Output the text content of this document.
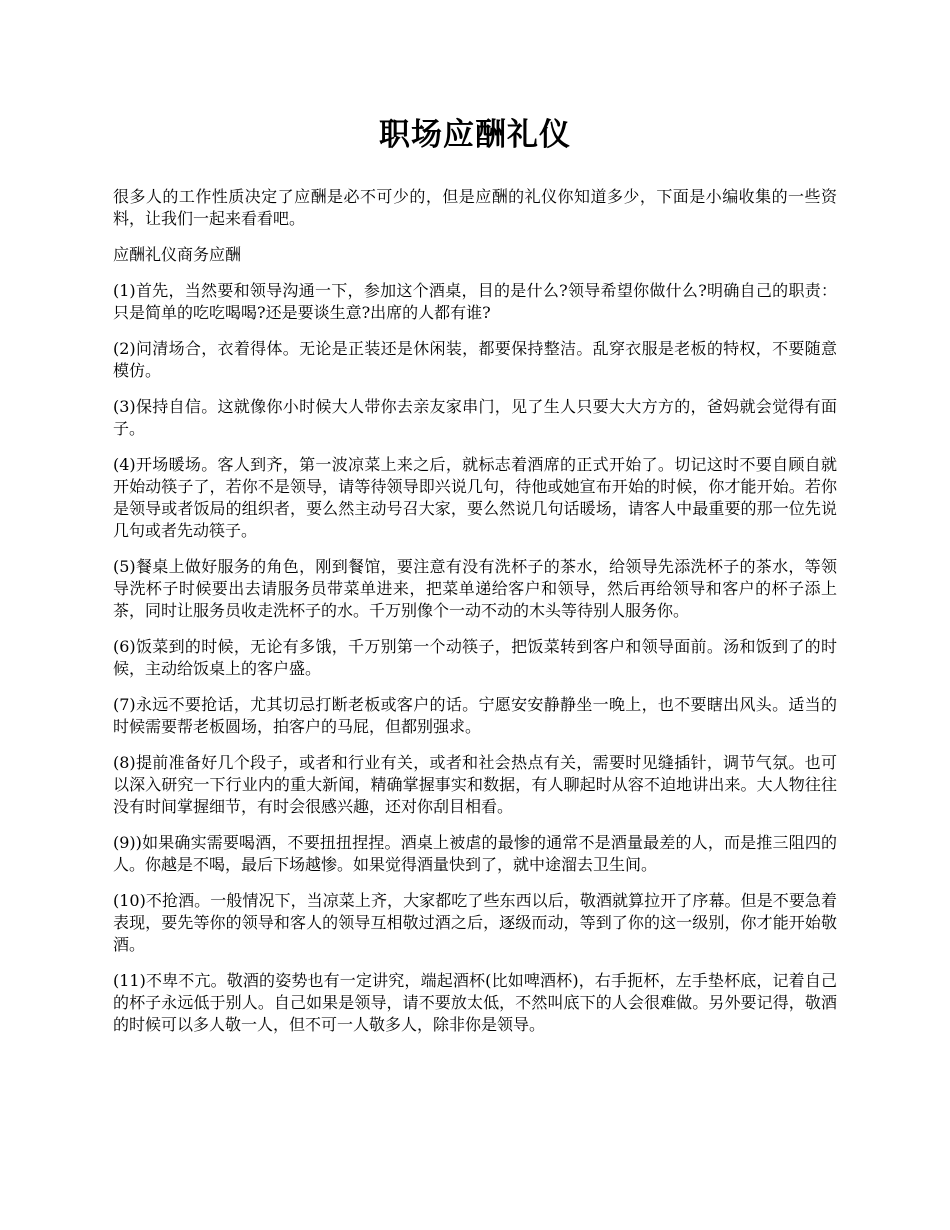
职场应酬礼仪

很多人的工作性质决定了应酬是必不可少的，但是应酬的礼仪你知道多少，下面是小编收集的一些资料，让我们一起来看看吧。

应酬礼仪商务应酬

(1)首先，当然要和领导沟通一下，参加这个酒桌，目的是什么?领导希望你做什么?明确自己的职责：只是简单的吃吃喝喝?还是要谈生意?出席的人都有谁?

(2)问清场合，衣着得体。无论是正装还是休闲装，都要保持整洁。乱穿衣服是老板的特权，不要随意模仿。

(3)保持自信。这就像你小时候大人带你去亲友家串门，见了生人只要大大方方的，爸妈就会觉得有面子。

(4)开场暖场。客人到齐，第一波凉菜上来之后，就标志着酒席的正式开始了。切记这时不要自顾自就开始动筷子了，若你不是领导，请等待领导即兴说几句，待他或她宣布开始的时候，你才能开始。若你是领导或者饭局的组织者，要么然主动号召大家，要么然说几句话暖场，请客人中最重要的那一位先说几句或者先动筷子。

(5)餐桌上做好服务的角色，刚到餐馆，要注意有没有洗杯子的茶水，给领导先添洗杯子的茶水，等领导洗杯子时候要出去请服务员带菜单进来，把菜单递给客户和领导，然后再给领导和客户的杯子添上茶，同时让服务员收走洗杯子的水。千万别像个一动不动的木头等待别人服务你。

(6)饭菜到的时候，无论有多饿，千万别第一个动筷子，把饭菜转到客户和领导面前。汤和饭到了的时候，主动给饭桌上的客户盛。

(7)永远不要抢话，尤其切忌打断老板或客户的话。宁愿安安静静坐一晚上，也不要瞎出风头。适当的时候需要帮老板圆场，拍客户的马屁，但都别强求。

(8)提前准备好几个段子，或者和行业有关，或者和社会热点有关，需要时见缝插针，调节气氛。也可以深入研究一下行业内的重大新闻，精确掌握事实和数据，有人聊起时从容不迫地讲出来。大人物往往没有时间掌握细节，有时会很感兴趣，还对你刮目相看。

(9))如果确实需要喝酒，不要扭扭捏捏。酒桌上被虐的最惨的通常不是酒量最差的人，而是推三阻四的人。你越是不喝，最后下场越惨。如果觉得酒量快到了，就中途溜去卫生间。

(10)不抢酒。一般情况下，当凉菜上齐，大家都吃了些东西以后，敬酒就算拉开了序幕。但是不要急着表现，要先等你的领导和客人的领导互相敬过酒之后，逐级而动，等到了你的这一级别，你才能开始敬酒。

(11)不卑不亢。敬酒的姿势也有一定讲究，端起酒杯(比如啤酒杯)，右手扼杯，左手垫杯底，记着自己的杯子永远低于别人。自己如果是领导，请不要放太低，不然叫底下的人会很难做。另外要记得，敬酒的时候可以多人敬一人，但不可一人敬多人，除非你是领导。
